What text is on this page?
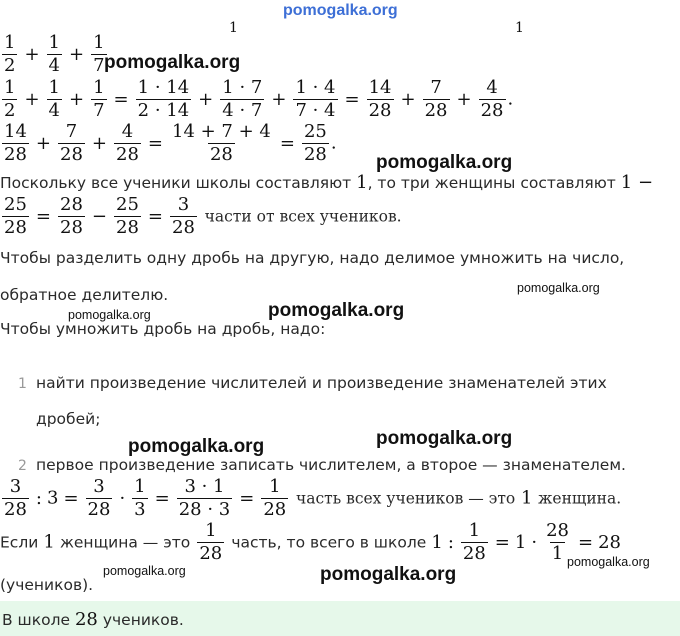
pomogalka.org
1	1
$\frac{1}{2} + \frac{1}{4} + \frac{1}{7}$
pomogalka.org
$\frac{1}{2} + \frac{1}{4} + \frac{1}{7} = \frac{1 \cdot 14}{2 \cdot 14} + \frac{1 \cdot 7}{4 \cdot 7} + \frac{1 \cdot 4}{7 \cdot 4} = \frac{14}{28} + \frac{7}{28} + \frac{4}{28}$ .
$\frac{14}{28} + \frac{7}{28} + \frac{4}{28} = \frac{14 + 7 + 4}{28} = \frac{25}{28}$ .
pomogalka.org
Поскольку все ученики школы составляют 1, то три женщины составляют 1 −
$\frac{25}{28} = \frac{28}{28} - \frac{25}{28} = \frac{3}{28}$ части от всех учеников.
Чтобы разделить одну дробь на другую, надо делимое умножить на число,
обратное делителю.	pomogalka.org
pomogalka.org
pomogalka.org
Чтобы умножить дробь на дробь, надо:
1 найти произведение числителей и произведение знаменателей этих
дробей;
pomogalka.org	pomogalka.org
2 первое произведение записать числителем, а второе — знаменателем.
$\frac{3}{28}$ : $3 = \frac{3}{28} \cdot \frac{1}{3} = \frac{3 \cdot 1}{28 \cdot 3} = \frac{1}{28}$ часть всех учеников — это 1 женщина.
Если 1 женщина — это $\frac{1}{28}$ часть, то всего в школе 1 : $\frac{1}{28} = 1 \cdot \frac{28}{1} = 28$
pomogalka.org
pomogalka.org	pomogalka.org
(учеников).
В школе 28 учеников.
